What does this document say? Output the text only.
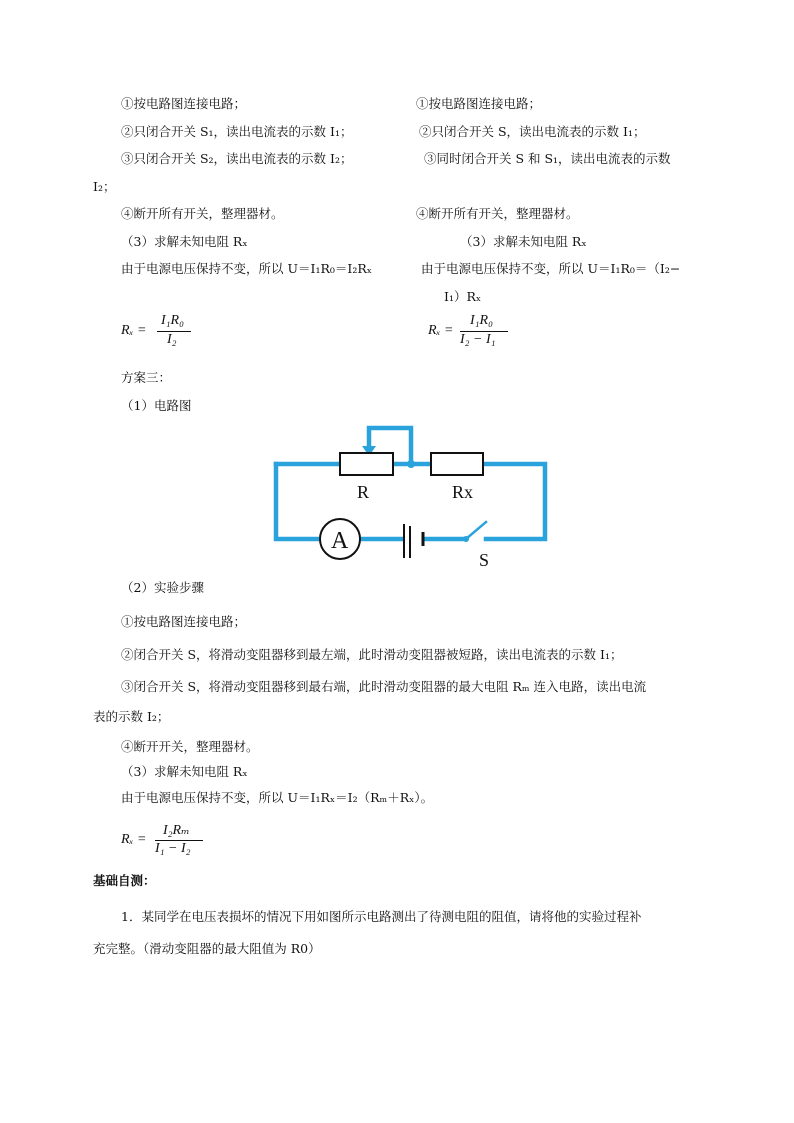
①按电路图连接电路；
②只闭合开关 S₁，读出电流表的示数 I₁；
③只闭合开关 S₂，读出电流表的示数 I₂；
④断开所有开关，整理器材。
（3）求解未知电阻 Rₓ
由于电源电压保持不变，所以 U＝I₁R₀＝I₂Rₓ
Rₓ =
I₁R₀
I₂
①按电路图连接电路；
②只闭合开关 S，读出电流表的示数 I₁；
③同时闭合开关 S 和 S₁，读出电流表的示数
I₂；
④断开所有开关，整理器材。
（3）求解未知电阻 Rₓ
由于电源电压保持不变，所以 U＝I₁R₀＝（I₂−
I₁）Rₓ
Rₓ =
I₁R₀
I₂ − I₁
方案三：
（1）电路图
R	Rx
A
S
（2）实验步骤
①按电路图连接电路；
②闭合开关 S，将滑动变阻器移到最左端，此时滑动变阻器被短路，读出电流表的示数 I₁；
③闭合开关 S，将滑动变阻器移到最右端，此时滑动变阻器的最大电阻 Rₘ 连入电路，读出电流
表的示数 I₂；
④断开开关，整理器材。
（3）求解未知电阻 Rₓ
由于电源电压保持不变，所以 U＝I₁Rₓ＝I₂（Rₘ＋Rₓ）。
Rₓ =
I₂Rₘ
I₁ − I₂
基础自测：
1．某同学在电压表损坏的情况下用如图所示电路测出了待测电阻的阻值，请将他的实验过程补
充完整。（滑动变阻器的最大阻值为 R0）
